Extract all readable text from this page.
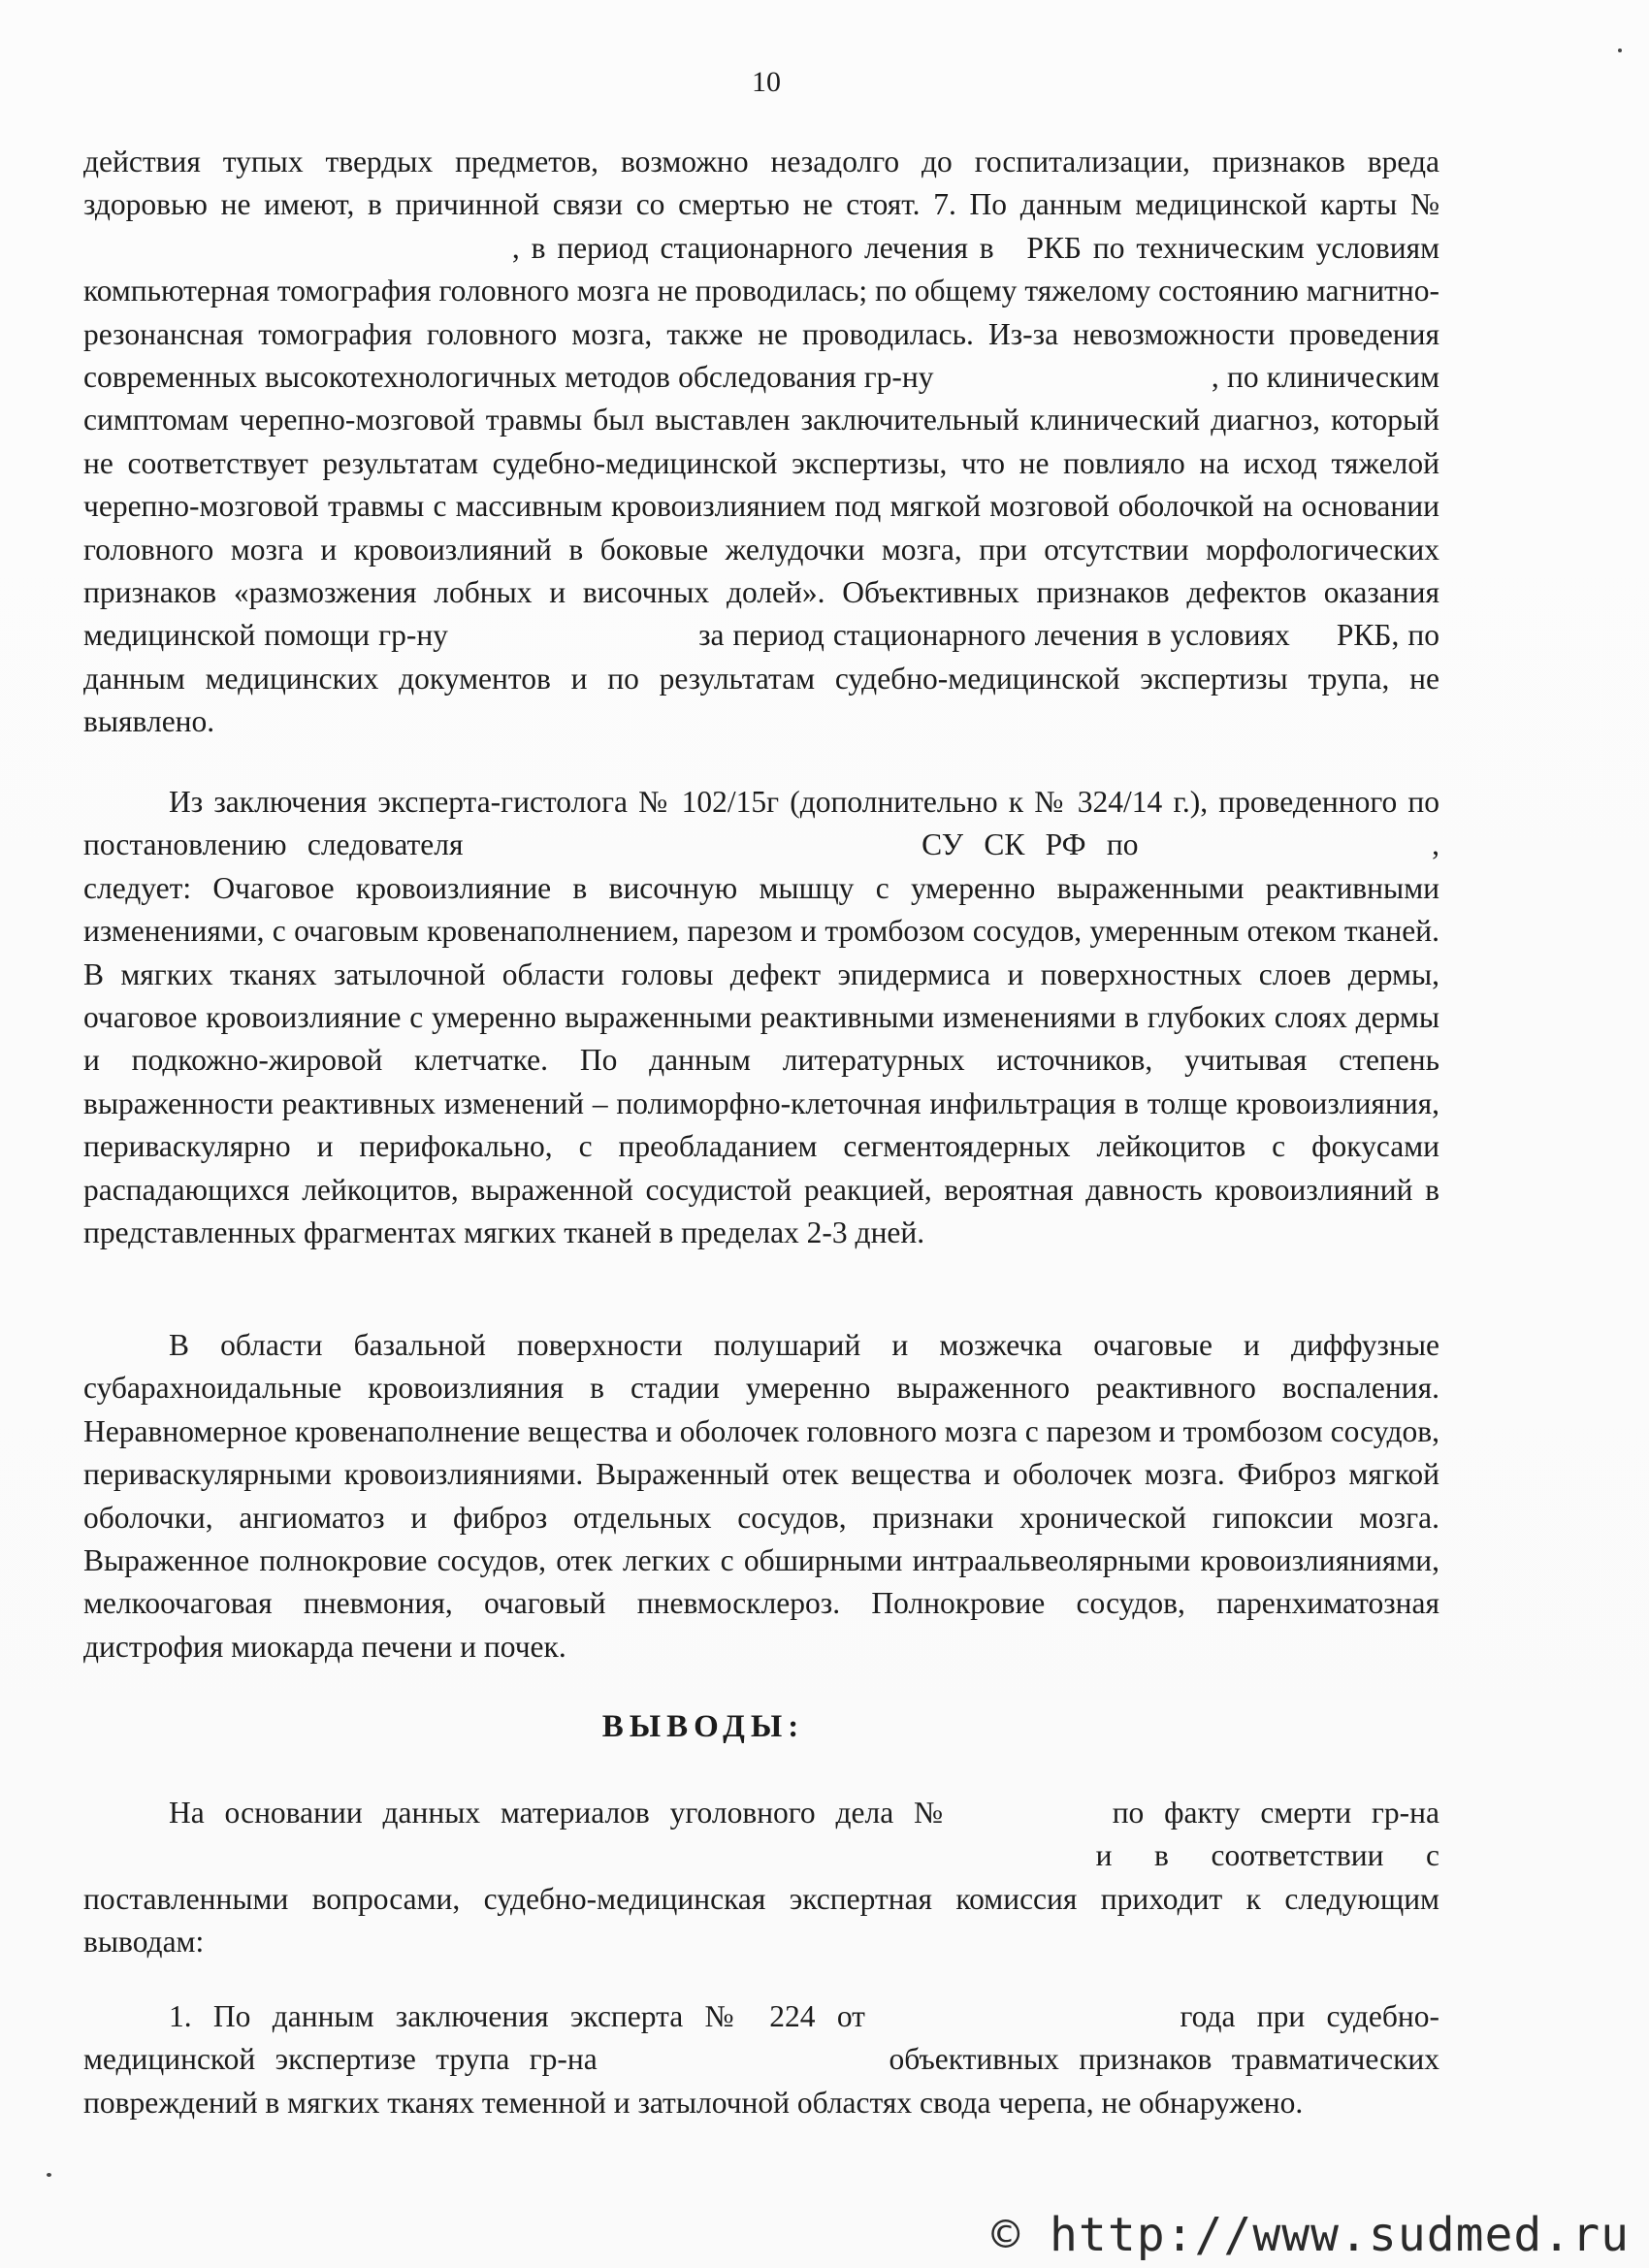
10

действия тупых твердых предметов, возможно незадолго до госпитализации, признаков вреда здоровью не имеют, в причинной связи со смертью не стоят. 7. По данным медицинской карты №  , в период стационарного лечения в РКБ по техническим условиям компьютерная томография головного мозга не проводилась; по общему тяжелому состоянию магнитно-резонансная томография головного мозга, также не проводилась. Из-за невозможности проведения современных высокотехнологичных методов обследования гр-ну	, по клиническим симптомам черепно-мозговой травмы был выставлен заключительный клинический диагноз, который не соответствует результатам судебно-медицинской экспертизы, что не повлияло на исход тяжелой черепно-мозговой травмы с массивным кровоизлиянием под мягкой мозговой оболочкой на основании головного мозга и кровоизлияний в боковые желудочки мозга, при отсутствии морфологических признаков «размозжения лобных и височных долей». Объективных признаков дефектов оказания медицинской помощи гр-ну	за период стационарного лечения в условиях РКБ, по данным медицинских документов и по результатам судебно-медицинской экспертизы трупа, не выявлено.

Из заключения эксперта-гистолога № 102/15г (дополнительно к № 324/14 г.), проведенного по постановлению следователя	СУ СК РФ по	, следует: Очаговое кровоизлияние в височную мышцу с умеренно выраженными реактивными изменениями, с очаговым кровенаполнением, парезом и тромбозом сосудов, умеренным отеком тканей. В мягких тканях затылочной области головы дефект эпидермиса и поверхностных слоев дермы, очаговое кровоизлияние с умеренно выраженными реактивными изменениями в глубоких слоях дермы и подкожно-жировой клетчатке. По данным литературных источников, учитывая степень выраженности реактивных изменений – полиморфно-клеточная инфильтрация в толще кровоизлияния, периваскулярно и перифокально, с преобладанием сегментоядерных лейкоцитов с фокусами распадающихся лейкоцитов, выраженной сосудистой реакцией, вероятная давность кровоизлияний в представленных фрагментах мягких тканей в пределах 2-3 дней.

В области базальной поверхности полушарий и мозжечка очаговые и диффузные субарахноидальные кровоизлияния в стадии умеренно выраженного реактивного воспаления. Неравномерное кровенаполнение вещества и оболочек головного мозга с парезом и тромбозом сосудов, периваскулярными кровоизлияниями. Выраженный отек вещества и оболочек мозга. Фиброз мягкой оболочки, ангиоматоз и фиброз отдельных сосудов, признаки хронической гипоксии мозга. Выраженное полнокровие сосудов, отек легких с обширными интраальвеолярными кровоизлияниями, мелкоочаговая пневмония, очаговый пневмосклероз. Полнокровие сосудов, паренхиматозная дистрофия миокарда печени и почек.

ВЫВОДЫ:

На основании данных материалов уголовного дела №	по факту смерти гр-на  и в соответствии с поставленными вопросами, судебно-медицинская экспертная комиссия приходит к следующим выводам:

1. По данным заключения эксперта № 224 от	года при судебно-медицинской экспертизе трупа гр-на	объективных признаков травматических повреждений в мягких тканях теменной и затылочной областях свода черепа, не обнаружено.

© http://www.sudmed.ru
